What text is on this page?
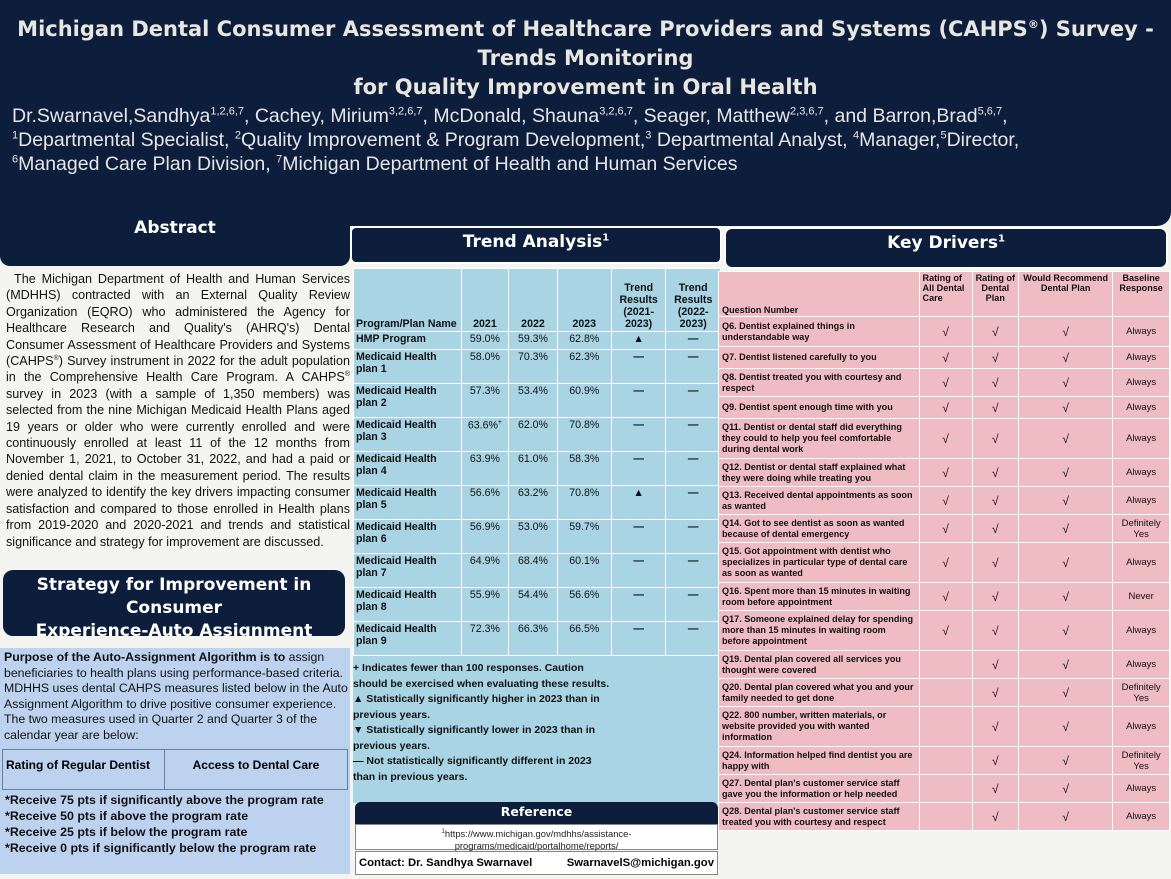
Michigan Dental Consumer Assessment of Healthcare Providers and Systems (CAHPS®) Survey -Trends Monitoring
for Quality Improvement in Oral Health
Dr.Swarnavel,Sandhya$^{1,2,6,7}$, Cachey, Mirium$^{3,2,6,7}$, McDonald, Shauna$^{3,2,6,7}$, Seager, Matthew$^{2,3,6,7}$, and Barron,Brad$^{5,6,7}$,
$^1$Departmental Specialist, $^2$Quality Improvement & Program Development,$^3$ Departmental Analyst, $^4$Manager,$^5$Director,
$^6$Managed Care Plan Division, $^7$Michigan Department of Health and Human Services
Abstract
The Michigan Department of Health and Human Services (MDHHS) contracted with an External Quality Review Organization (EQRO) who administered the Agency for Healthcare Research and Quality's (AHRQ's) Dental Consumer Assessment of Healthcare Providers and Systems (CAHPS®) Survey instrument in 2022 for the adult population in the Comprehensive Health Care Program. A CAHPS® survey in 2023 (with a sample of 1,350 members) was selected from the nine Michigan Medicaid Health Plans aged 19 years or older who were currently enrolled and were continuously enrolled at least 11 of the 12 months from November 1, 2021, to October 31, 2022, and had a paid or denied dental claim in the measurement period. The results were analyzed to identify the key drivers impacting consumer satisfaction and compared to those enrolled in Health plans from 2019-2020 and 2020-2021 and trends and statistical significance and strategy for improvement are discussed.
Strategy for Improvement in Consumer
Experience-Auto Assignment
Purpose of the Auto-Assignment Algorithm is to assign beneficiaries to health plans using performance-based criteria. MDHHS uses dental CAHPS measures listed below in the Auto Assignment Algorithm to drive positive consumer experience. The two measures used in Quarter 2 and Quarter 3 of the calendar year are below:
Rating of Regular Dentist	Access to Dental Care
*Receive 75 pts if significantly above the program rate
*Receive 50 pts if above the program rate
*Receive 25 pts if below the program rate
*Receive 0 pts if significantly below the program rate
Trend Analysis$^1$
Program/Plan Name	2021	2022	2023	Trend Results (2021-2023)	Trend Results (2022-2023)
HMP Program	59.0%	59.3%	62.8%	▲	—
Medicaid Health plan 1	58.0%	70.3%	62.3%	—	—
Medicaid Health plan 2	57.3%	53.4%	60.9%	—	—
Medicaid Health plan 3	63.6%+	62.0%	70.8%	—	—
Medicaid Health plan 4	63.9%	61.0%	58.3%	—	—
Medicaid Health plan 5	56.6%	63.2%	70.8%	▲	—
Medicaid Health plan 6	56.9%	53.0%	59.7%	—	—
Medicaid Health plan 7	64.9%	68.4%	60.1%	—	—
Medicaid Health plan 8	55.9%	54.4%	56.6%	—	—
Medicaid Health plan 9	72.3%	66.3%	66.5%	—	—
+ Indicates fewer than 100 responses. Caution should be exercised when evaluating these results.
▲ Statistically significantly higher in 2023 than in previous years.
▼ Statistically significantly lower in 2023 than in previous years.
— Not statistically significantly different in 2023 than in previous years.
Reference
$^1$https://www.michigan.gov/mdhhs/assistance-programs/medicaid/portalhome/reports/
Contact: Dr. Sandhya Swarnavel	SwarnavelS@michigan.gov
Key Drivers$^1$
Question Number	Rating of All Dental Care	Rating of Dental Plan	Would Recommend Dental Plan	Baseline Response
Q6. Dentist explained things in understandable way	√	√	√	Always
Q7. Dentist listened carefully to you	√	√	√	Always
Q8. Dentist treated you with courtesy and respect	√	√	√	Always
Q9. Dentist spent enough time with you	√	√	√	Always
Q11. Dentist or dental staff did everything they could to help you feel comfortable during dental work	√	√	√	Always
Q12. Dentist or dental staff explained what they were doing while treating you	√	√	√	Always
Q13. Received dental appointments as soon as wanted	√	√	√	Always
Q14. Got to see dentist as soon as wanted because of dental emergency	√	√	√	Definitely Yes
Q15. Got appointment with dentist who specializes in particular type of dental care as soon as wanted	√	√	√	Always
Q16. Spent more than 15 minutes in waiting room before appointment	√	√	√	Never
Q17. Someone explained delay for spending more than 15 minutes in waiting room before appointment	√	√	√	Always
Q19. Dental plan covered all services you thought were covered		√	√	Always
Q20. Dental plan covered what you and your family needed to get done		√	√	Definitely Yes
Q22. 800 number, written materials, or website provided you with wanted information		√	√	Always
Q24. Information helped find dentist you are happy with		√	√	Definitely Yes
Q27. Dental plan's customer service staff gave you the information or help needed		√	√	Always
Q28. Dental plan's customer service staff treated you with courtesy and respect		√	√	Always
